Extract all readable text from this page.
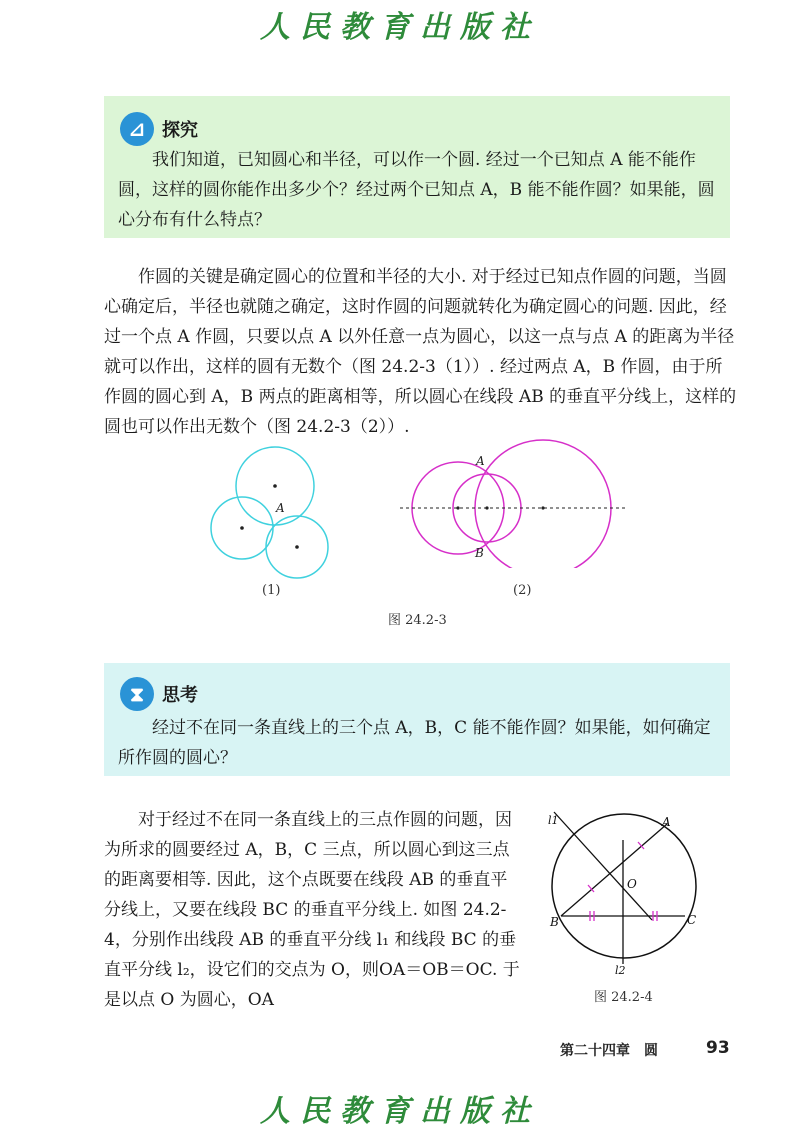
人民教育出版社
⊿ 探究

我们知道，已知圆心和半径，可以作一个圆. 经过一个已知点 A 能不能作圆，这样的圆你能作出多少个？经过两个已知点 A，B 能不能作圆？如果能，圆心分布有什么特点？

作圆的关键是确定圆心的位置和半径的大小. 对于经过已知点作圆的问题，当圆心确定后，半径也就随之确定，这时作圆的问题就转化为确定圆心的问题. 因此，经过一个点 A 作圆，只要以点 A 以外任意一点为圆心，以这一点与点 A 的距离为半径就可以作出，这样的圆有无数个（图 24.2-3（1））. 经过两点 A，B 作圆，由于所作圆的圆心到 A，B 两点的距离相等，所以圆心在线段 AB 的垂直平分线上，这样的圆也可以作出无数个（图 24.2-3（2））.

A
(1)
A
B
(2)
图 24.2-3
⧗ 思考

经过不在同一条直线上的三个点 A，B，C 能不能作圆？如果能，如何确定所作圆的圆心？

对于经过不在同一条直线上的三点作圆的问题，因为所求的圆要经过 A，B，C 三点，所以圆心到这三点的距离要相等. 因此，这个点既要在线段 AB 的垂直平分线上，又要在线段 BC 的垂直平分线上. 如图 24.2-4，分别作出线段 AB 的垂直平分线 l₁ 和线段 BC 的垂直平分线 l₂，设它们的交点为 O，则OA＝OB＝OC. 于是以点 O 为圆心，OA

l1	A
O
B	C
l2
图 24.2-4
第二十四章　圆	93
人民教育出版社
